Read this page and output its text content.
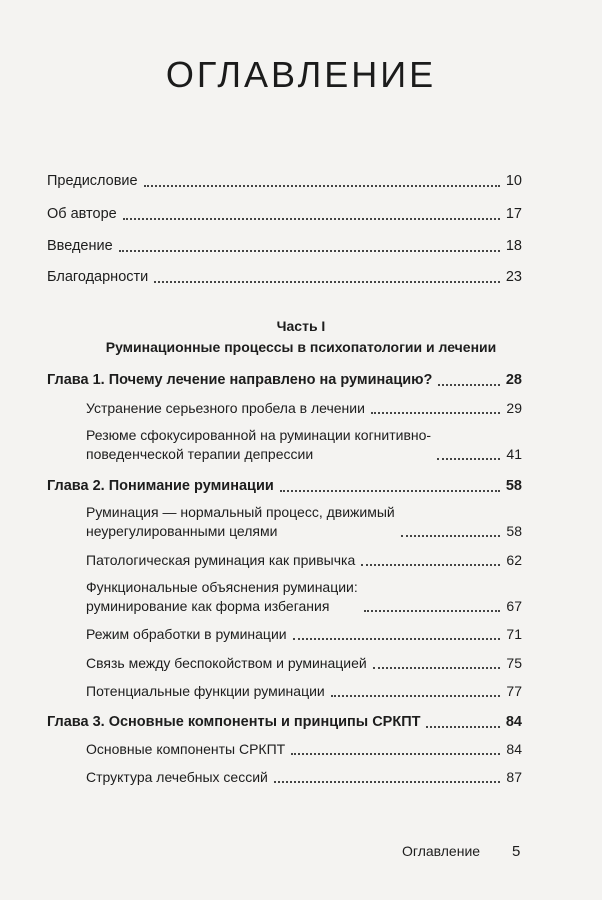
ОГЛАВЛЕНИЕ
Предисловие	10
Об авторе	17
Введение	18
Благодарности	23
Часть I
Руминационные процессы в психопатологии и лечении
Глава 1. Почему лечение направлено на руминацию?	28
Устранение серьезного пробела в лечении	29
Резюме сфокусированной на руминации когнитивно-
поведенческой терапии депрессии	41
Глава 2. Понимание руминации	58
Руминация — нормальный процесс, движимый
неурегулированными целями	58
Патологическая руминация как привычка	62
Функциональные объяснения руминации:
руминирование как форма избегания	67
Режим обработки в руминации	71
Связь между беспокойством и руминацией	75
Потенциальные функции руминации	77
Глава 3. Основные компоненты и принципы СРКПТ	84
Основные компоненты СРКПТ	84
Структура лечебных сессий	87
Оглавление 5
